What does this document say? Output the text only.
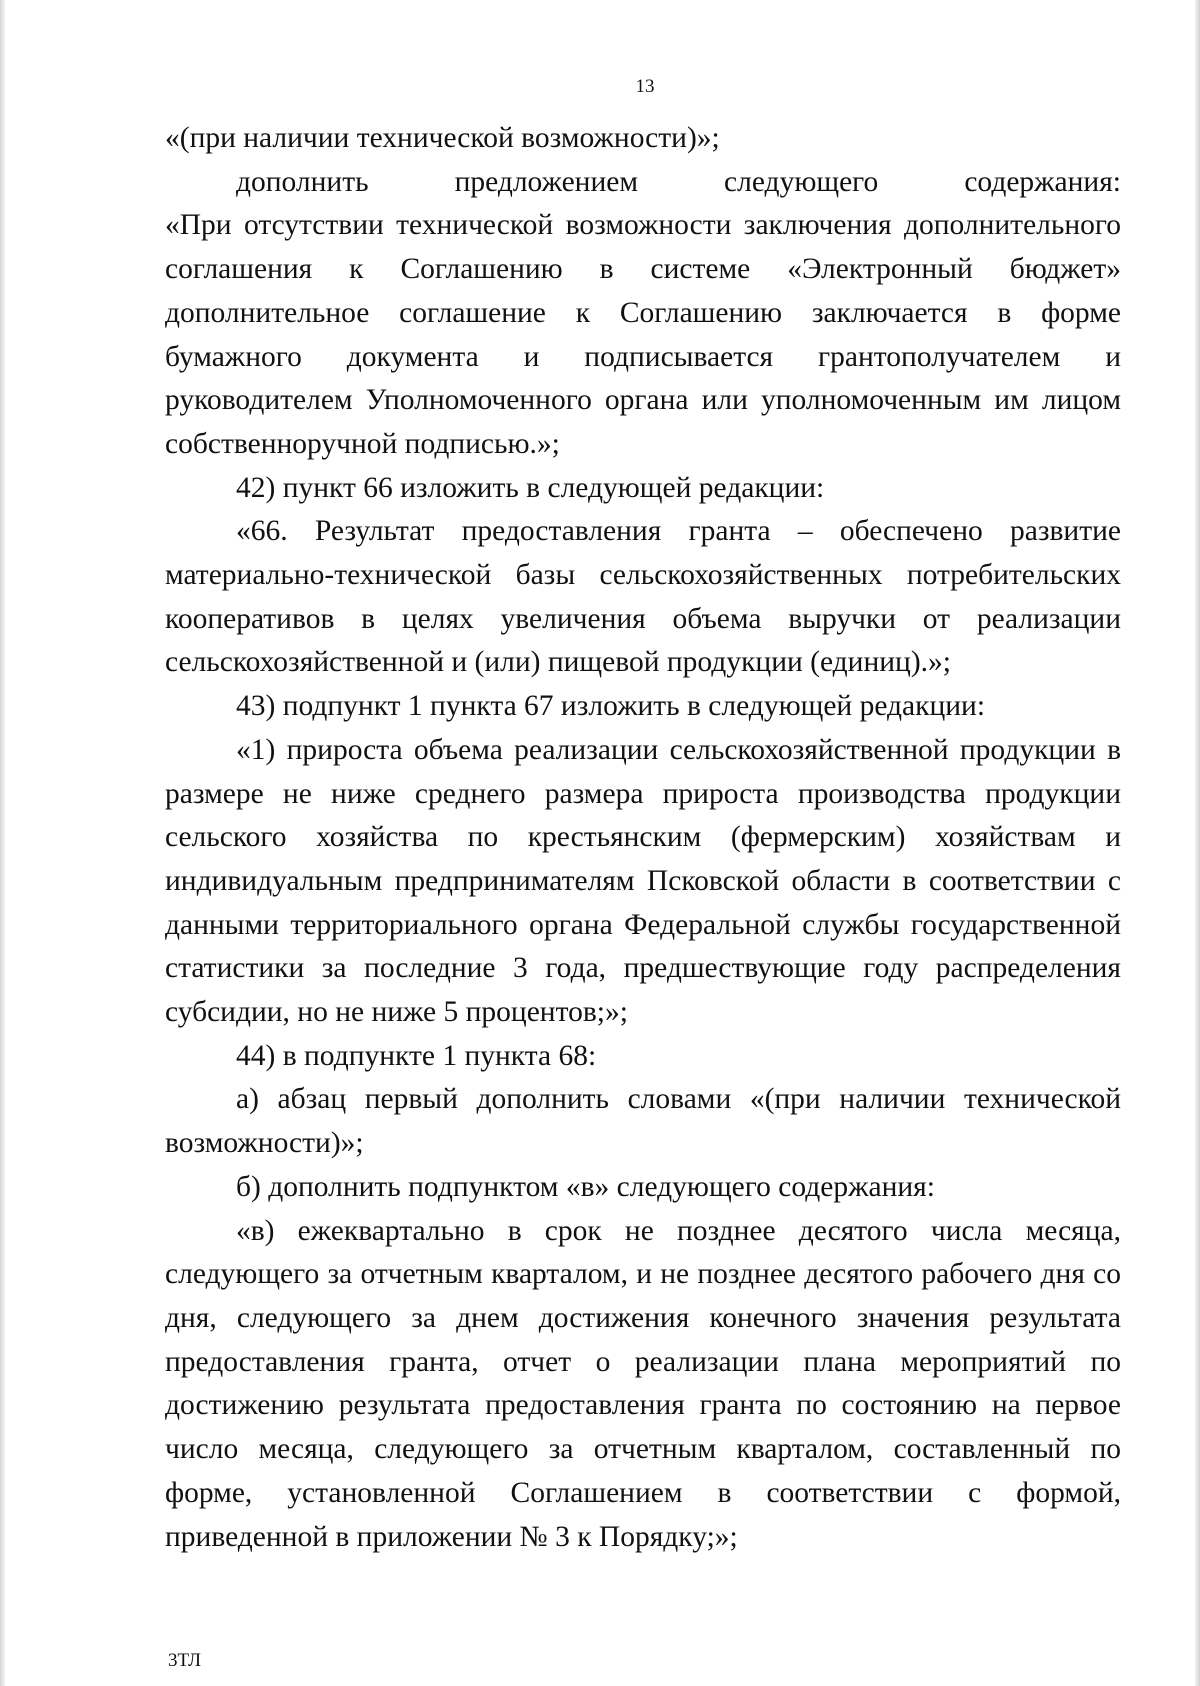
13

«(при наличии технической возможности)»;

дополнить предложением следующего содержания:

«При отсутствии технической возможности заключения дополнительного соглашения к Соглашению в системе «Электронный бюджет» дополнительное соглашение к Соглашению заключается в форме бумажного документа и подписывается грантополучателем и руководителем Уполномоченного органа или уполномоченным им лицом собственноручной подписью.»;

42) пункт 66 изложить в следующей редакции:

«66. Результат предоставления гранта – обеспечено развитие материально-технической базы сельскохозяйственных потребительских кооперативов в целях увеличения объема выручки от реализации сельскохозяйственной и (или) пищевой продукции (единиц).»;

43) подпункт 1 пункта 67 изложить в следующей редакции:

«1) прироста объема реализации сельскохозяйственной продукции в размере не ниже среднего размера прироста производства продукции сельского хозяйства по крестьянским (фермерским) хозяйствам и индивидуальным предпринимателям Псковской области в соответствии с данными территориального органа Федеральной службы государственной статистики за последние 3 года, предшествующие году распределения субсидии, но не ниже 5 процентов;»;

44) в подпункте 1 пункта 68:

а) абзац первый дополнить словами «(при наличии технической возможности)»;

б) дополнить подпунктом «в» следующего содержания:

«в) ежеквартально в срок не позднее десятого числа месяца, следующего за отчетным кварталом, и не позднее десятого рабочего дня со дня, следующего за днем достижения конечного значения результата предоставления гранта, отчет о реализации плана мероприятий по достижению результата предоставления гранта по состоянию на первое число месяца, следующего за отчетным кварталом, составленный по форме, установленной Соглашением в соответствии с формой, приведенной в приложении № 3 к Порядку;»;

3ТЛ
